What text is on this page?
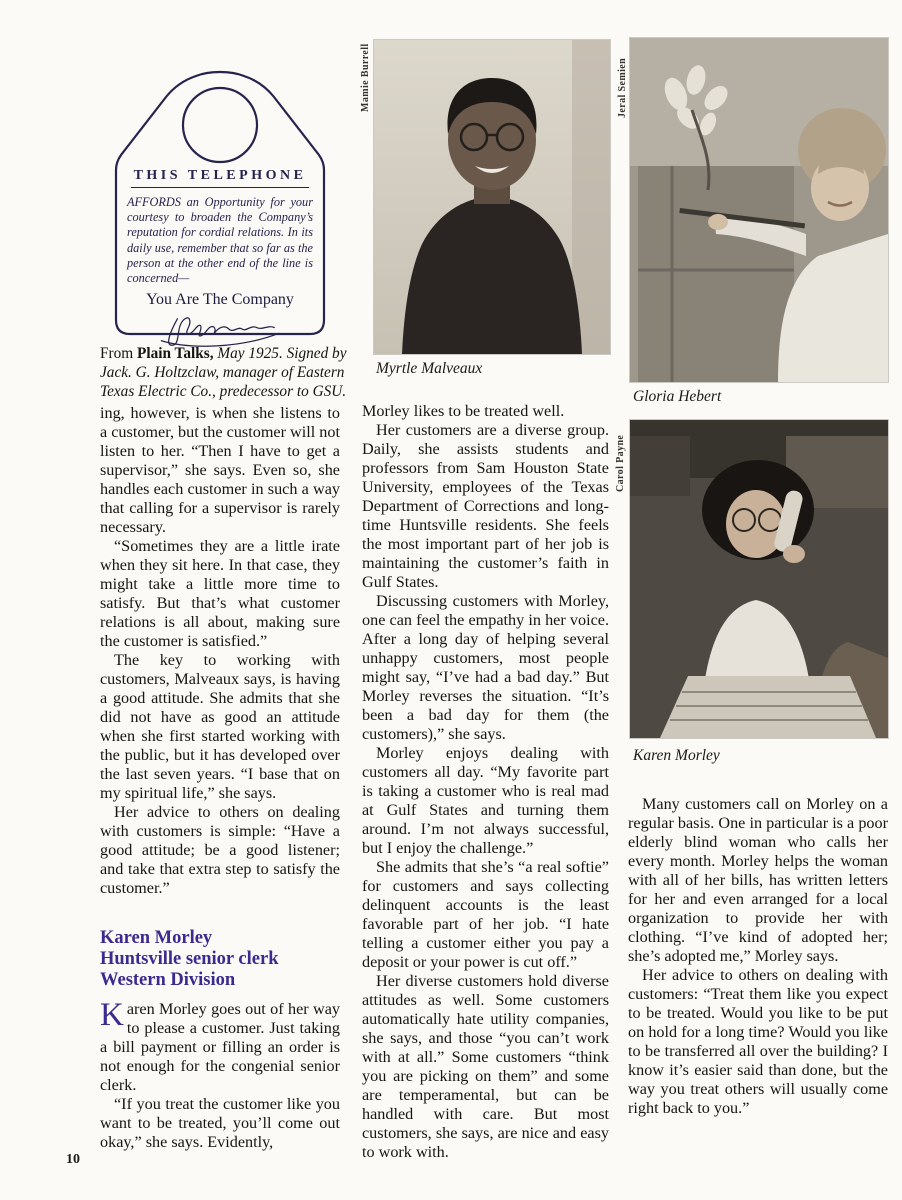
THIS TELEPHONE
AFFORDS an Opportunity for your courtesy to broaden the Company’s reputation for cordial relations. In its daily use, remember that so far as the person at the other end of the line is concerned—
You Are The Company
From Plain Talks, May 1925. Signed by Jack. G. Holtzclaw, manager of Eastern Texas Electric Co., predecessor to GSU.
Mamie Burrell
Myrtle Malveaux
Jeral Semien
Gloria Hebert
Carol Payne
Karen Morley

ing, however, is when she listens to a customer, but the customer will not listen to her. “Then I have to get a supervisor,” she says. Even so, she handles each customer in such a way that calling for a supervisor is rarely necessary.

“Sometimes they are a little irate when they sit here. In that case, they might take a little more time to satisfy. But that’s what customer relations is all about, making sure the customer is satisfied.”

The key to working with customers, Malveaux says, is having a good attitude. She admits that she did not have as good an attitude when she first started working with the public, but it has developed over the last seven years. “I base that on my spiritual life,” she says.

Her advice to others on dealing with customers is simple: “Have a good attitude; be a good listener; and take that extra step to satisfy the customer.”

Karen Morley
Huntsville senior clerk
Western Division

Karen Morley goes out of her way to please a customer. Just taking a bill payment or filling an order is not enough for the congenial senior clerk.

“If you treat the customer like you want to be treated, you’ll come out okay,” she says. Evidently,

Morley likes to be treated well.

Her customers are a diverse group. Daily, she assists students and professors from Sam Houston State University, employees of the Texas Department of Corrections and long-time Huntsville residents. She feels the most important part of her job is maintaining the customer’s faith in Gulf States.

Discussing customers with Morley, one can feel the empathy in her voice. After a long day of helping several unhappy customers, most people might say, “I’ve had a bad day.” But Morley reverses the situation. “It’s been a bad day for them (the customers),” she says.

Morley enjoys dealing with customers all day. “My favorite part is taking a customer who is real mad at Gulf States and turning them around. I’m not always successful, but I enjoy the challenge.”

She admits that she’s “a real softie” for customers and says collecting delinquent accounts is the least favorable part of her job. “I hate telling a customer either you pay a deposit or your power is cut off.”

Her diverse customers hold diverse attitudes as well. Some customers automatically hate utility companies, she says, and those “you can’t work with at all.” Some customers “think you are picking on them” and some are temperamental, but can be handled with care. But most customers, she says, are nice and easy to work with.

Many customers call on Morley on a regular basis. One in particular is a poor elderly blind woman who calls her every month. Morley helps the woman with all of her bills, has written letters for her and even arranged for a local organization to provide her with clothing. “I’ve kind of adopted her; she’s adopted me,” Morley says.

Her advice to others on dealing with customers: “Treat them like you expect to be treated. Would you like to be put on hold for a long time? Would you like to be transferred all over the building? I know it’s easier said than done, but the way you treat others will usually come right back to you.”

10
